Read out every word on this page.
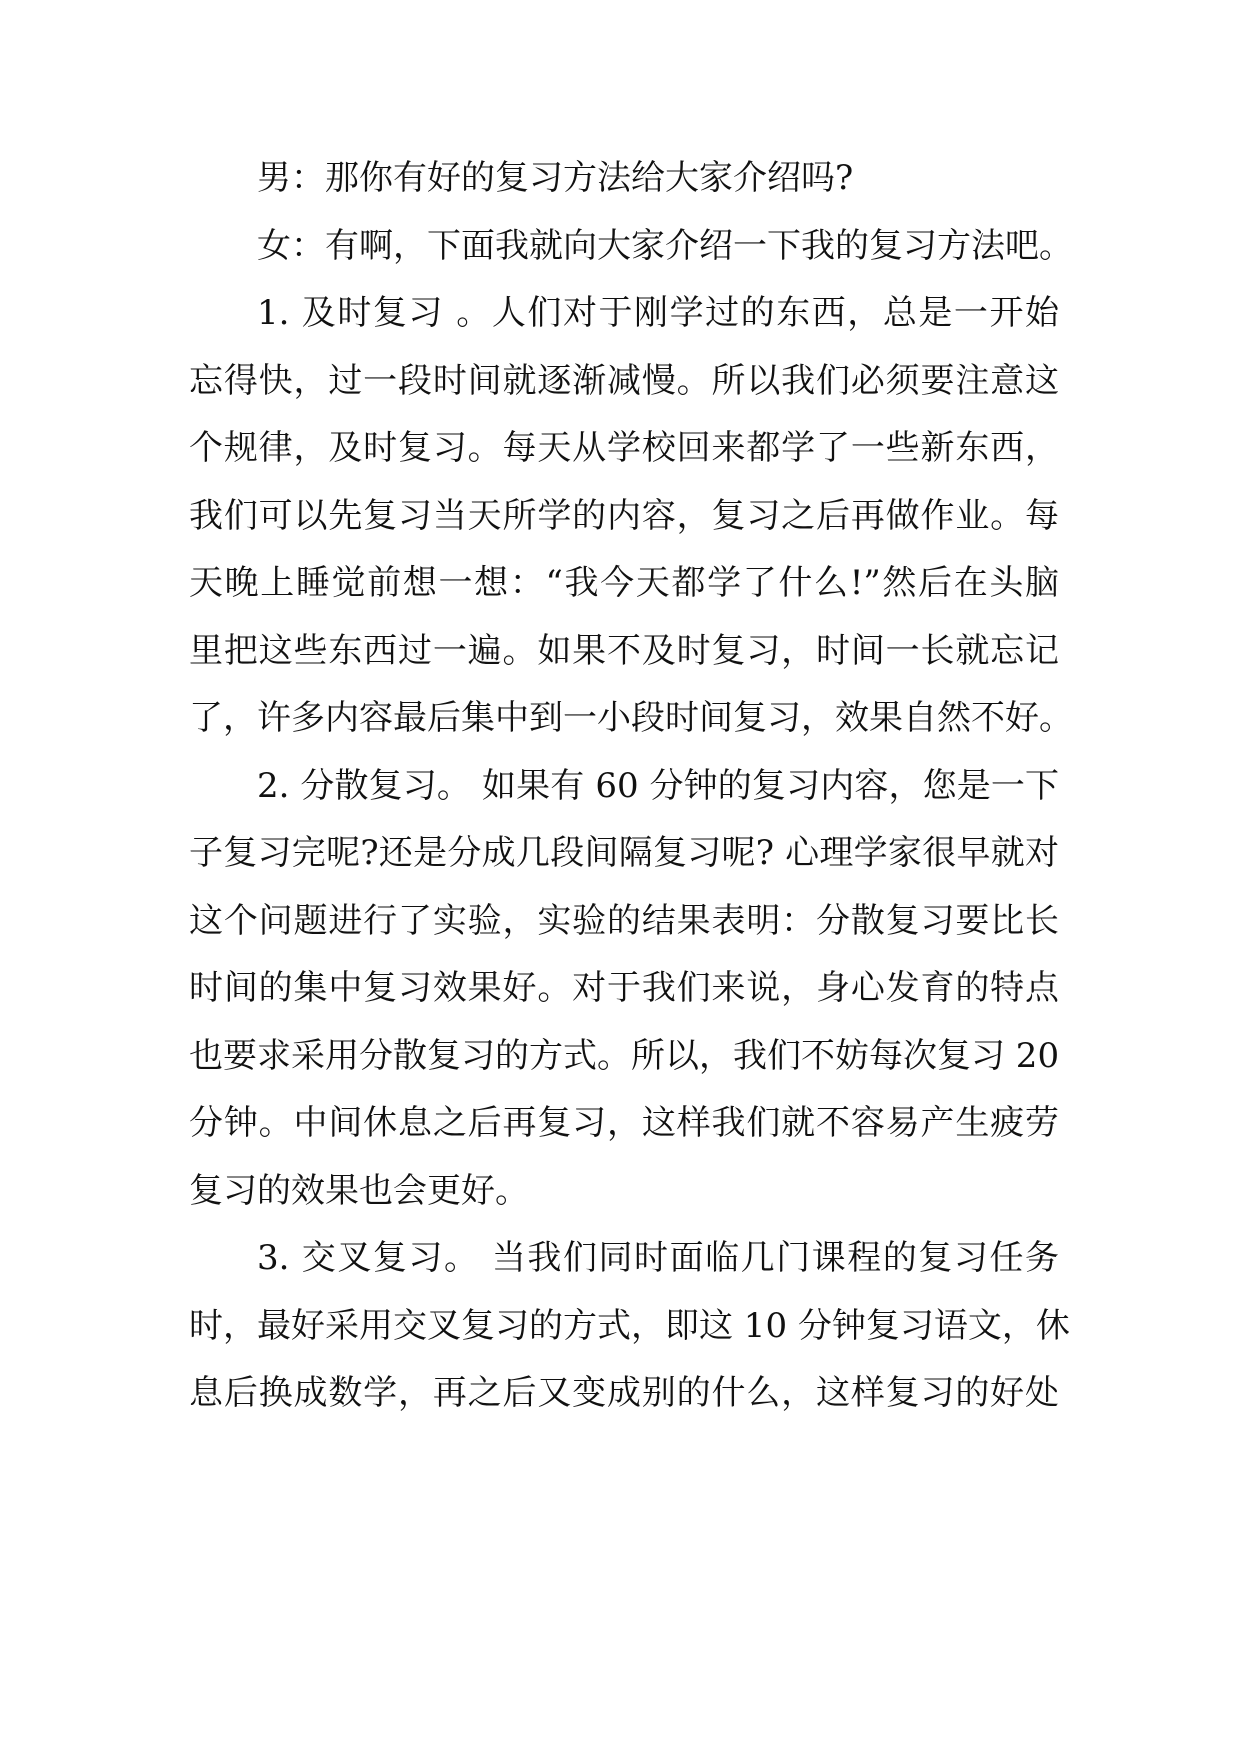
男：那你有好的复习方法给大家介绍吗?
女：有啊，下面我就向大家介绍一下我的复习方法吧。
1. 及时复习 。人们对于刚学过的东西，总是一开始
忘得快，过一段时间就逐渐减慢。所以我们必须要注意这
个规律，及时复习。每天从学校回来都学了一些新东西，
我们可以先复习当天所学的内容，复习之后再做作业。每
天晚上睡觉前想一想：“我今天都学了什么!”然后在头脑
里把这些东西过一遍。如果不及时复习，时间一长就忘记
了，许多内容最后集中到一小段时间复习，效果自然不好。
2. 分散复习。 如果有 60 分钟的复习内容，您是一下
子复习完呢?还是分成几段间隔复习呢? 心理学家很早就对
这个问题进行了实验，实验的结果表明：分散复习要比长
时间的集中复习效果好。对于我们来说，身心发育的特点
也要求采用分散复习的方式。所以，我们不妨每次复习 20
分钟。中间休息之后再复习，这样我们就不容易产生疲劳
复习的效果也会更好。
3. 交叉复习。 当我们同时面临几门课程的复习任务
时，最好采用交叉复习的方式，即这 10 分钟复习语文，休
息后换成数学，再之后又变成别的什么，这样复习的好处
